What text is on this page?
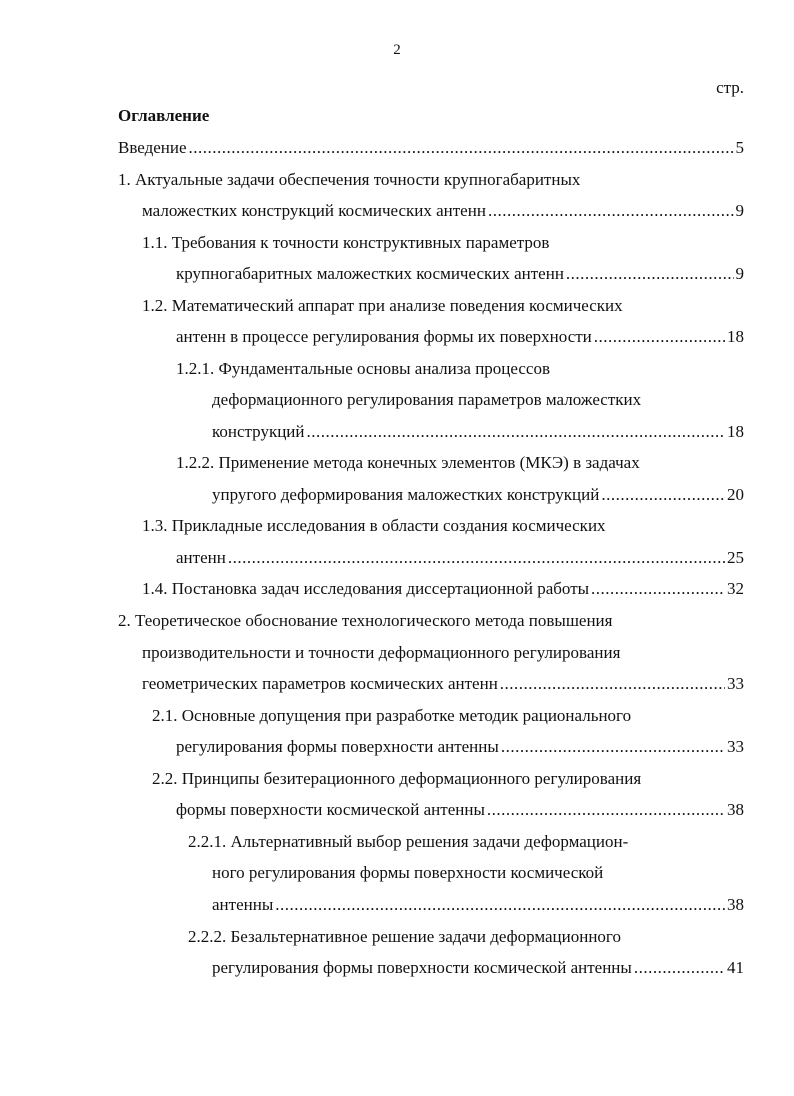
2
стр.
Оглавление
Введение .....	5
1. Актуальные задачи обеспечения точности крупногабаритных
маложестких конструкций космических антенн .....	9
1.1. Требования к точности конструктивных параметров
крупногабаритных маложестких космических антенн .....	9
1.2. Математический аппарат при анализе поведения космических
антенн в процессе регулирования формы их поверхности .....	18
1.2.1. Фундаментальные основы анализа процессов
деформационного регулирования параметров маложестких
конструкций .....	18
1.2.2. Применение метода конечных элементов (МКЭ) в задачах
упругого деформирования маложестких конструкций .....	20
1.3. Прикладные исследования в области создания космических
антенн .....	25
1.4. Постановка задач исследования диссертационной работы .....	32
2. Теоретическое обоснование технологического метода повышения
производительности и точности деформационного регулирования
геометрических параметров космических антенн .....	33
2.1. Основные допущения при разработке методик рационального
регулирования формы поверхности антенны .....	33
2.2. Принципы безитерационного деформационного регулирования
формы поверхности космической антенны .....	38
2.2.1. Альтернативный выбор решения задачи деформацион-
ного регулирования формы поверхности космической
антенны .....	38
2.2.2. Безальтернативное решение задачи деформационного
регулирования формы поверхности космической антенны .....	41
